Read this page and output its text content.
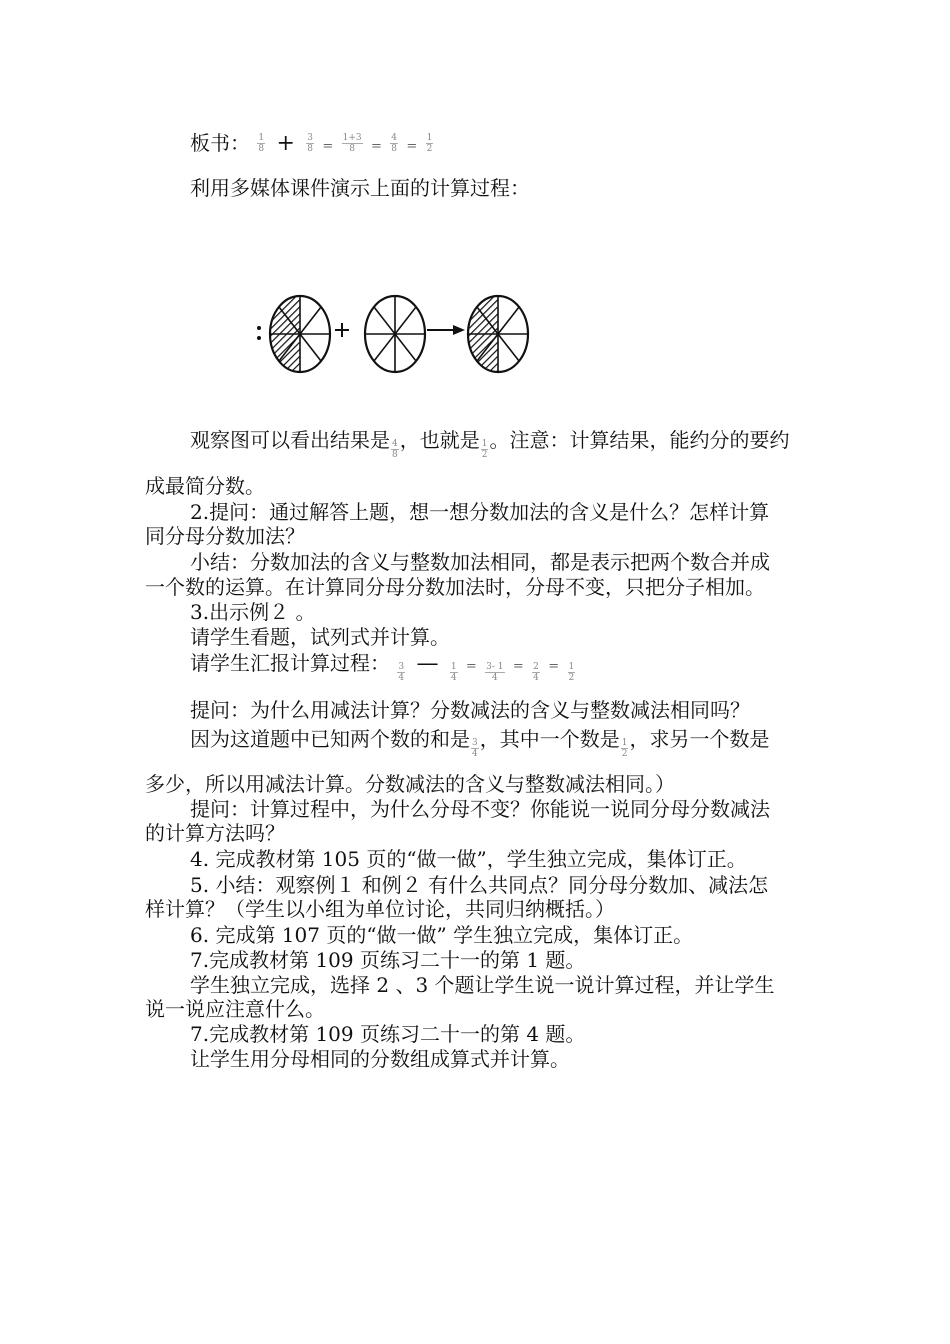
板书： $\frac{1}{8} + \frac{3}{8} = \frac{1+3}{8} = \frac{4}{8} = \frac{1}{2}$
利用多媒体课件演示上面的计算过程：
观察图可以看出结果是 $\frac{4}{8}$ ，也就是 $\frac{1}{2}$ 。注意：计算结果，能约分的要约
成最简分数。
2.提问：通过解答上题，想一想分数加法的含义是什么？怎样计算
同分母分数加法？
小结：分数加法的含义与整数加法相同，都是表示把两个数合并成
一个数的运算。在计算同分母分数加法时，分母不变，只把分子相加。
3.出示例２ 。
请学生看题，试列式并计算。
请学生汇报计算过程： $\frac{3}{4}$ — $\frac{1}{4} = \frac{3- 1}{4} = \frac{2}{4} = \frac{1}{2}$
提问：为什么用减法计算？分数减法的含义与整数减法相同吗？
因为这道题中已知两个数的和是 $\frac{3}{4}$ ，其中一个数是 $\frac{1}{2}$ ，求另一个数是
多少，所以用减法计算。分数减法的含义与整数减法相同。）
提问：计算过程中，为什么分母不变？你能说一说同分母分数减法
的计算方法吗？
4. 完成教材第 105 页的“做一做”，学生独立完成，集体订正。
5. 小结：观察例１ 和例２ 有什么共同点？同分母分数加、减法怎
样计算？（学生以小组为单位讨论，共同归纳概括。）
6. 完成第 107 页的“做一做” 学生独立完成，集体订正。
7.完成教材第 109 页练习二十一的第 1 题。
学生独立完成，选择 2 、3 个题让学生说一说计算过程，并让学生
说一说应注意什么。
7.完成教材第 109 页练习二十一的第 4 题。
让学生用分母相同的分数组成算式并计算。
